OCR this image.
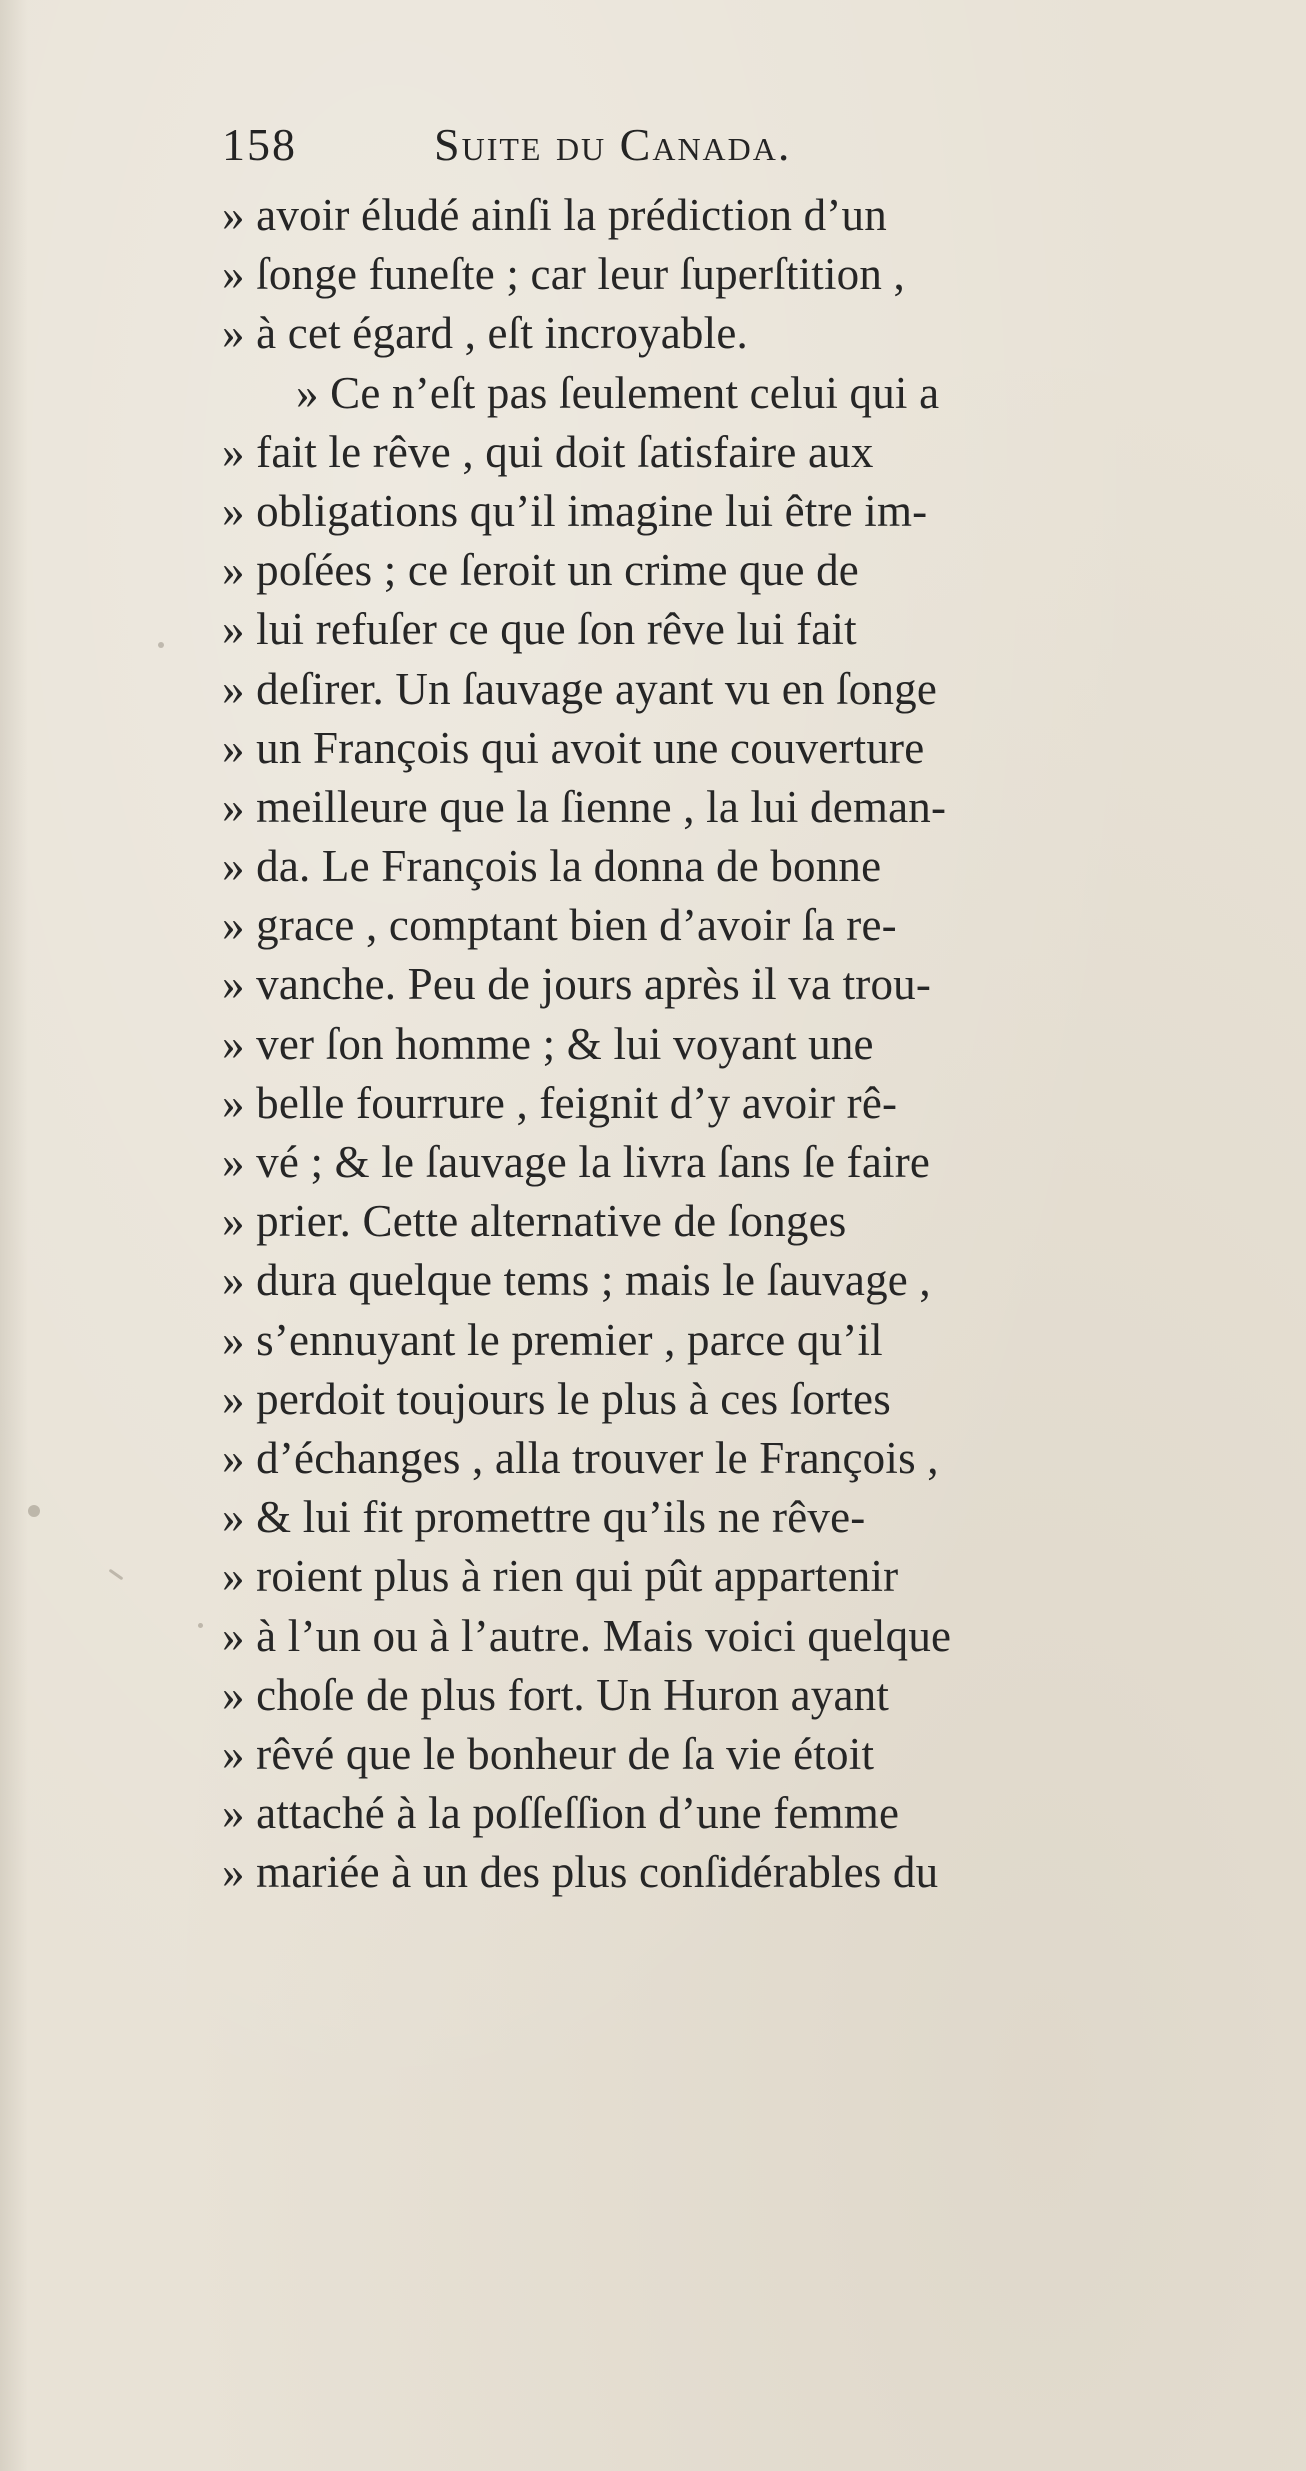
158	Suite du Canada.
» avoir éludé ainſi la prédiction d’un
» ſonge funeſte ; car leur ſuperſtition ,
» à cet égard , eſt incroyable.
» Ce n’eſt pas ſeulement celui qui a
» fait le rêve , qui doit ſatisfaire aux
» obligations qu’il imagine lui être im-
» poſées ; ce ſeroit un crime que de
» lui refuſer ce que ſon rêve lui fait
» deſirer. Un ſauvage ayant vu en ſonge
» un François qui avoit une couverture
» meilleure que la ſienne , la lui deman-
» da. Le François la donna de bonne
» grace , comptant bien d’avoir ſa re-
» vanche. Peu de jours après il va trou-
» ver ſon homme ; & lui voyant une
» belle fourrure , feignit d’y avoir rê-
» vé ; & le ſauvage la livra ſans ſe faire
» prier. Cette alternative de ſonges
» dura quelque tems ; mais le ſauvage ,
» s’ennuyant le premier , parce qu’il
» perdoit toujours le plus à ces ſortes
» d’échanges , alla trouver le François ,
» & lui fit promettre qu’ils ne rêve-
» roient plus à rien qui pût appartenir
» à l’un ou à l’autre. Mais voici quelque
» choſe de plus fort. Un Huron ayant
» rêvé que le bonheur de ſa vie étoit
» attaché à la poſſeſſion d’une femme
» mariée à un des plus conſidérables du
